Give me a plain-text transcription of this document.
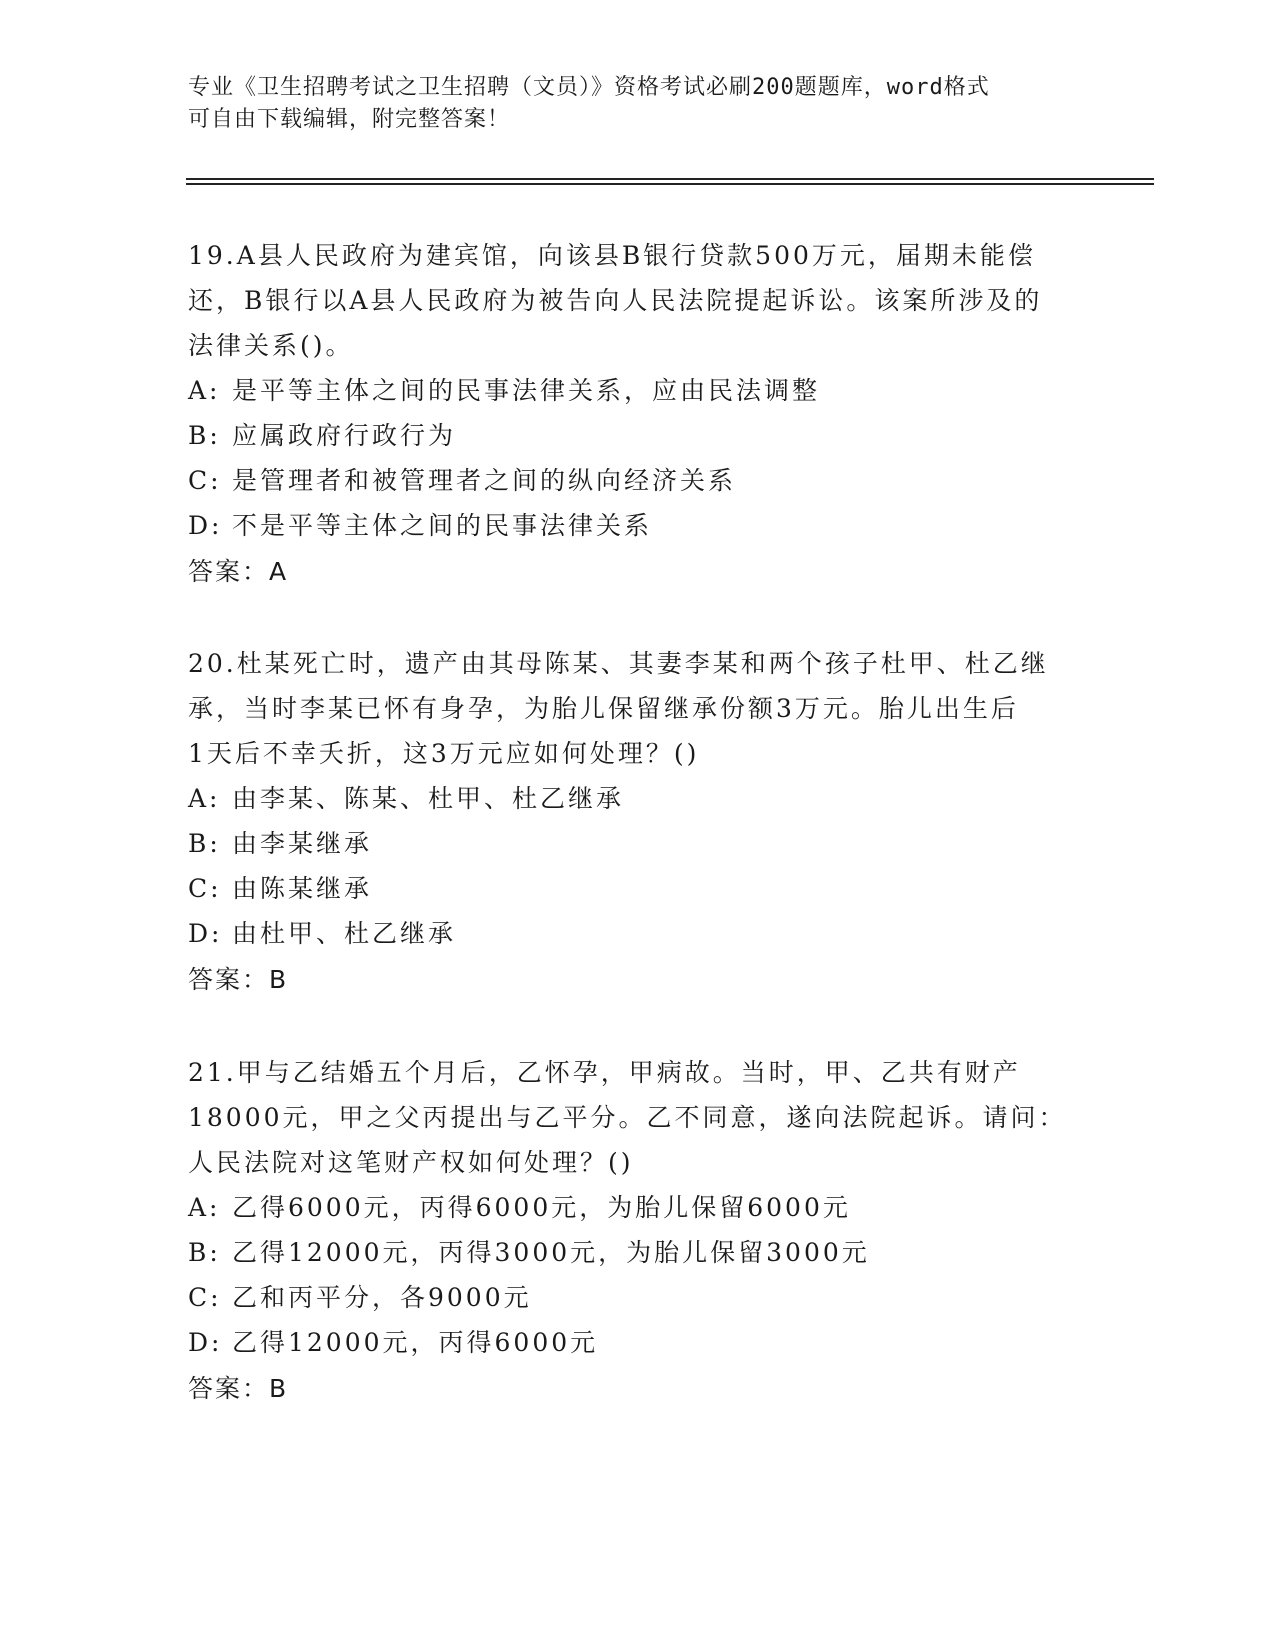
专业《卫生招聘考试之卫生招聘（文员）》资格考试必刷200题题库，word格式
可自由下载编辑，附完整答案！
19.A县人民政府为建宾馆，向该县B银行贷款500万元，届期未能偿
还，B银行以A县人民政府为被告向人民法院提起诉讼。该案所涉及的
法律关系()。
A: 是平等主体之间的民事法律关系，应由民法调整
B: 应属政府行政行为
C: 是管理者和被管理者之间的纵向经济关系
D: 不是平等主体之间的民事法律关系
答案：A
20.杜某死亡时，遗产由其母陈某、其妻李某和两个孩子杜甲、杜乙继
承，当时李某已怀有身孕，为胎儿保留继承份额3万元。胎儿出生后
1天后不幸夭折，这3万元应如何处理？()
A: 由李某、陈某、杜甲、杜乙继承
B: 由李某继承
C: 由陈某继承
D: 由杜甲、杜乙继承
答案：B
21.甲与乙结婚五个月后，乙怀孕，甲病故。当时，甲、乙共有财产
18000元，甲之父丙提出与乙平分。乙不同意，遂向法院起诉。请问：
人民法院对这笔财产权如何处理？()
A: 乙得6000元，丙得6000元，为胎儿保留6000元
B: 乙得12000元，丙得3000元，为胎儿保留3000元
C: 乙和丙平分，各9000元
D: 乙得12000元，丙得6000元
答案：B
